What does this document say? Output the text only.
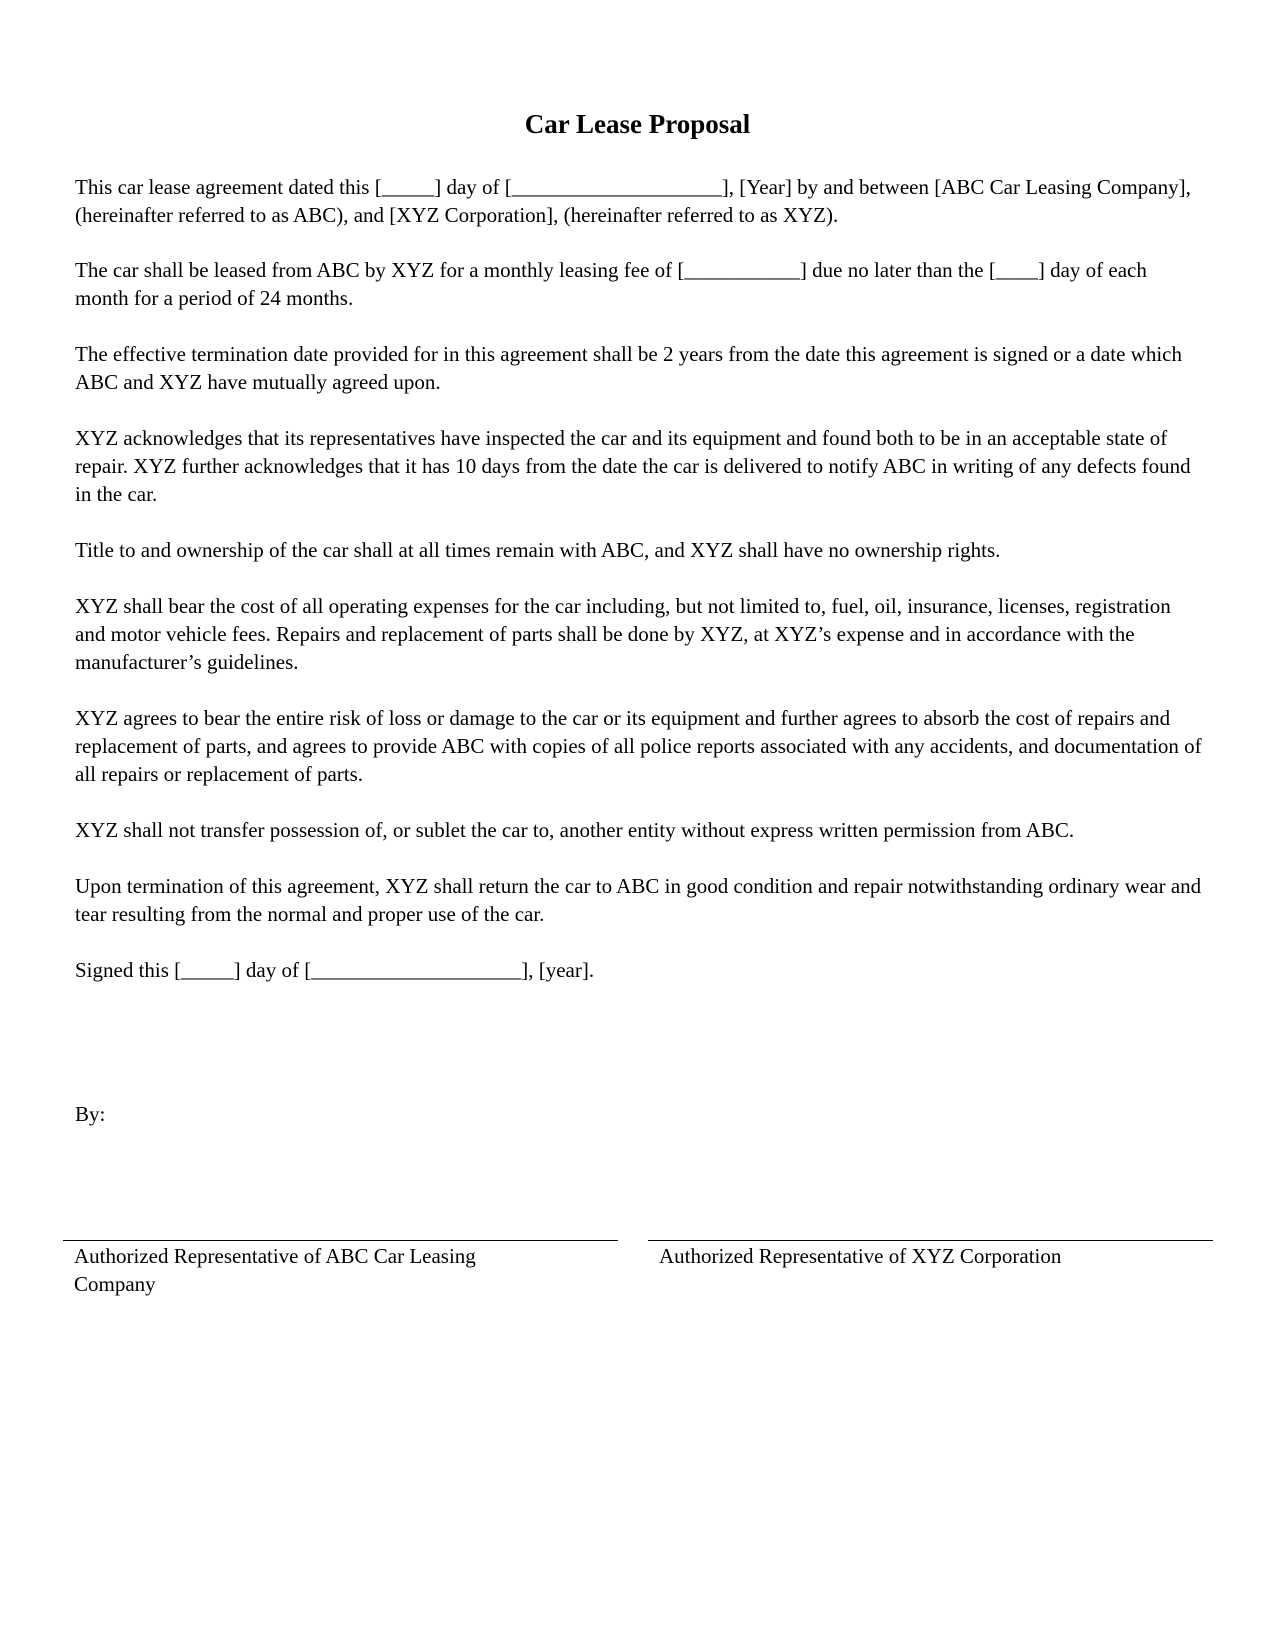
Car Lease Proposal

This car lease agreement dated this [_____] day of [____________________], [Year] by and between [ABC Car Leasing Company], (hereinafter referred to as ABC), and [XYZ Corporation], (hereinafter referred to as XYZ).

The car shall be leased from ABC by XYZ for a monthly leasing fee of [___________] due no later than the [____] day of each month for a period of 24 months.

The effective termination date provided for in this agreement shall be 2 years from the date this agreement is signed or a date which ABC and XYZ have mutually agreed upon.

XYZ acknowledges that its representatives have inspected the car and its equipment and found both to be in an acceptable state of repair. XYZ further acknowledges that it has 10 days from the date the car is delivered to notify ABC in writing of any defects found in the car.

Title to and ownership of the car shall at all times remain with ABC, and XYZ shall have no ownership rights.

XYZ shall bear the cost of all operating expenses for the car including, but not limited to, fuel, oil, insurance, licenses, registration and motor vehicle fees. Repairs and replacement of parts shall be done by XYZ, at XYZ’s expense and in accordance with the manufacturer’s guidelines.

XYZ agrees to bear the entire risk of loss or damage to the car or its equipment and further agrees to absorb the cost of repairs and replacement of parts, and agrees to provide ABC with copies of all police reports associated with any accidents, and documentation of all repairs or replacement of parts.

XYZ shall not transfer possession of, or sublet the car to, another entity without express written permission from ABC.

Upon termination of this agreement, XYZ shall return the car to ABC in good condition and repair notwithstanding ordinary wear and tear resulting from the normal and proper use of the car.

Signed this [_____] day of [____________________], [year].

By:
Authorized Representative of ABC Car Leasing Company
Authorized Representative of XYZ Corporation
